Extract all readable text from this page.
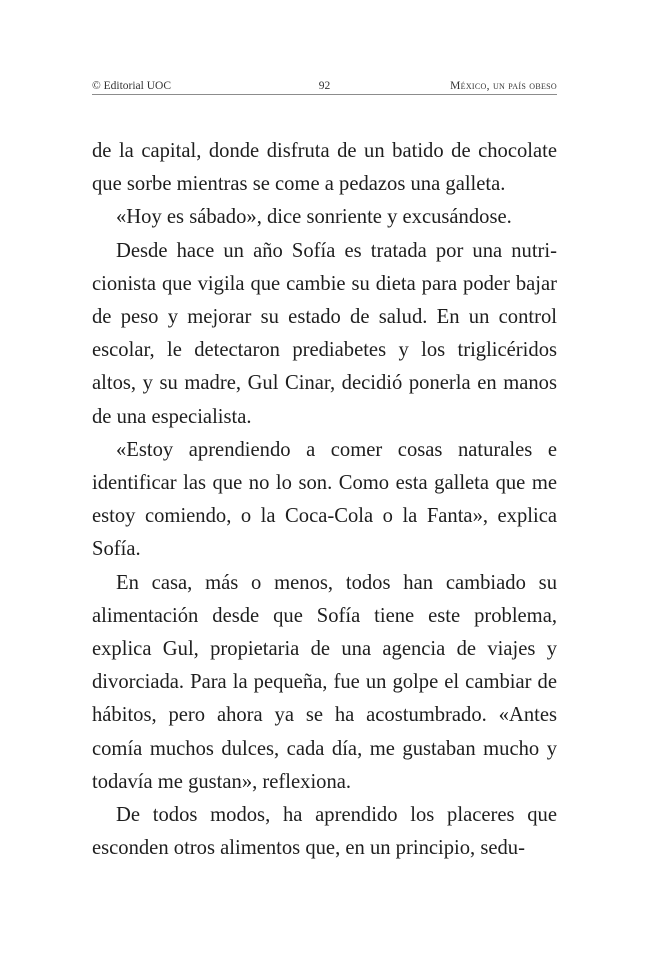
© Editorial UOC	92	México, un país obeso

de la capital, donde disfruta de un batido de chocolate que sorbe mientras se come a pedazos una galleta.

«Hoy es sábado», dice sonriente y excusándose.

Desde hace un año Sofía es tratada por una nutricionista que vigila que cambie su dieta para poder bajar de peso y mejorar su estado de salud. En un control escolar, le detectaron prediabetes y los triglicéridos altos, y su madre, Gul Cinar, decidió ponerla en manos de una especialista.

«Estoy aprendiendo a comer cosas naturales e identificar las que no lo son. Como esta galleta que me estoy comiendo, o la Coca-Cola o la Fanta», explica Sofía.

En casa, más o menos, todos han cambiado su alimentación desde que Sofía tiene este problema, explica Gul, propietaria de una agencia de viajes y divorciada. Para la pequeña, fue un golpe el cambiar de hábitos, pero ahora ya se ha acostumbrado. «Antes comía muchos dulces, cada día, me gustaban mucho y todavía me gustan», reflexiona.

De todos modos, ha aprendido los placeres que esconden otros alimentos que, en un principio, sedu-
